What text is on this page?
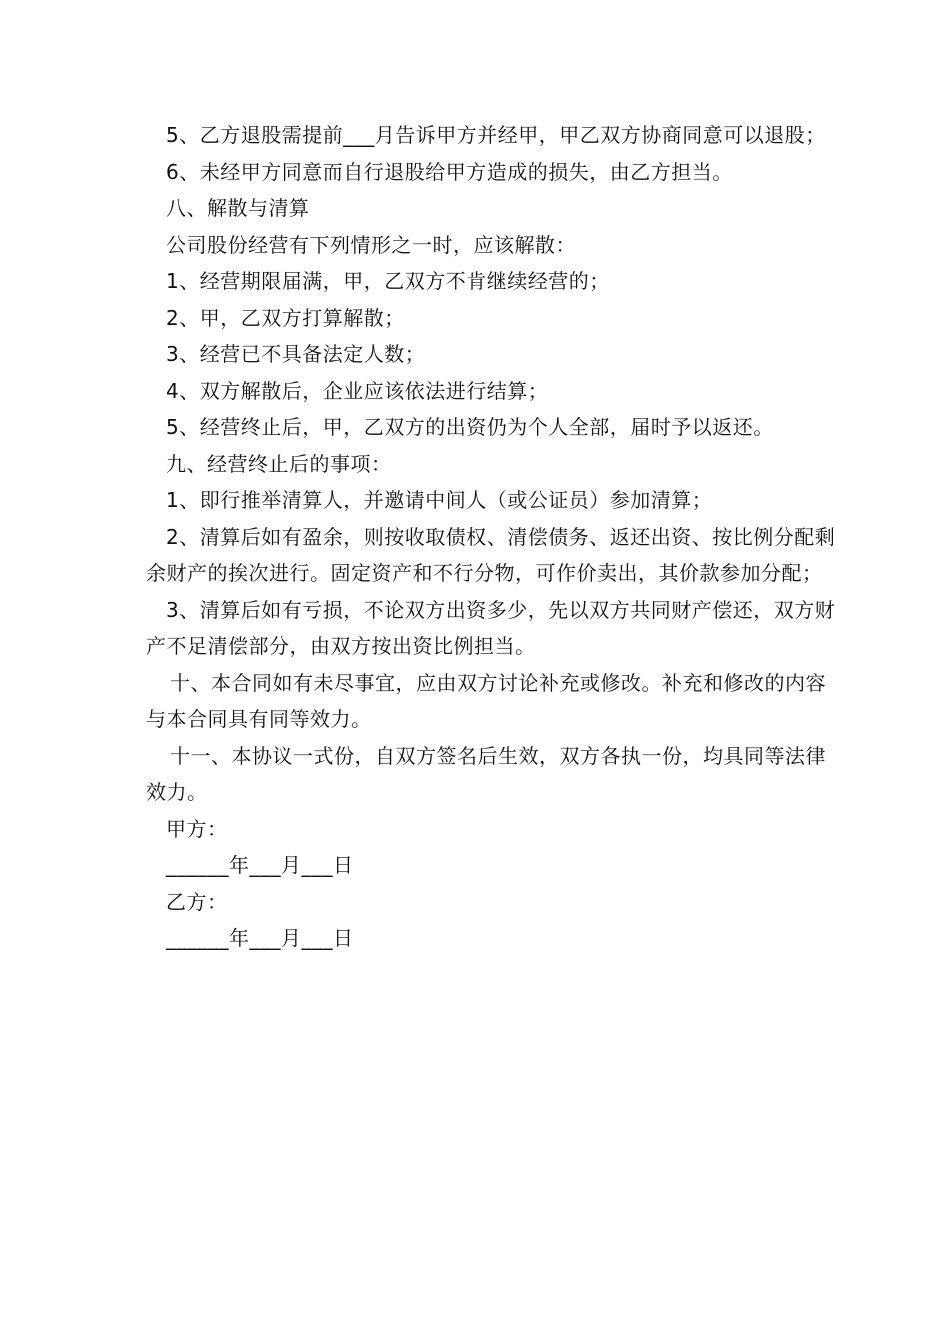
5、乙方退股需提前___月告诉甲方并经甲，甲乙双方协商同意可以退股；

6、未经甲方同意而自行退股给甲方造成的损失，由乙方担当。

八、解散与清算

公司股份经营有下列情形之一时，应该解散：

1、经营期限届满，甲，乙双方不肯继续经营的；

2、甲，乙双方打算解散；

3、经营已不具备法定人数；

4、双方解散后，企业应该依法进行结算；

5、经营终止后，甲，乙双方的出资仍为个人全部，届时予以返还。

九、经营终止后的事项：

1、即行推举清算人，并邀请中间人（或公证员）参加清算；

2、清算后如有盈余，则按收取债权、清偿债务、返还出资、按比例分配剩余财产的挨次进行。固定资产和不行分物，可作价卖出，其价款参加分配；

3、清算后如有亏损，不论双方出资多少，先以双方共同财产偿还，双方财产不足清偿部分，由双方按出资比例担当。

十、本合同如有未尽事宜，应由双方讨论补充或修改。补充和修改的内容与本合同具有同等效力。

十一、本协议一式份，自双方签名后生效，双方各执一份，均具同等法律效力。

甲方：

______年___月___日

乙方：

______年___月___日
